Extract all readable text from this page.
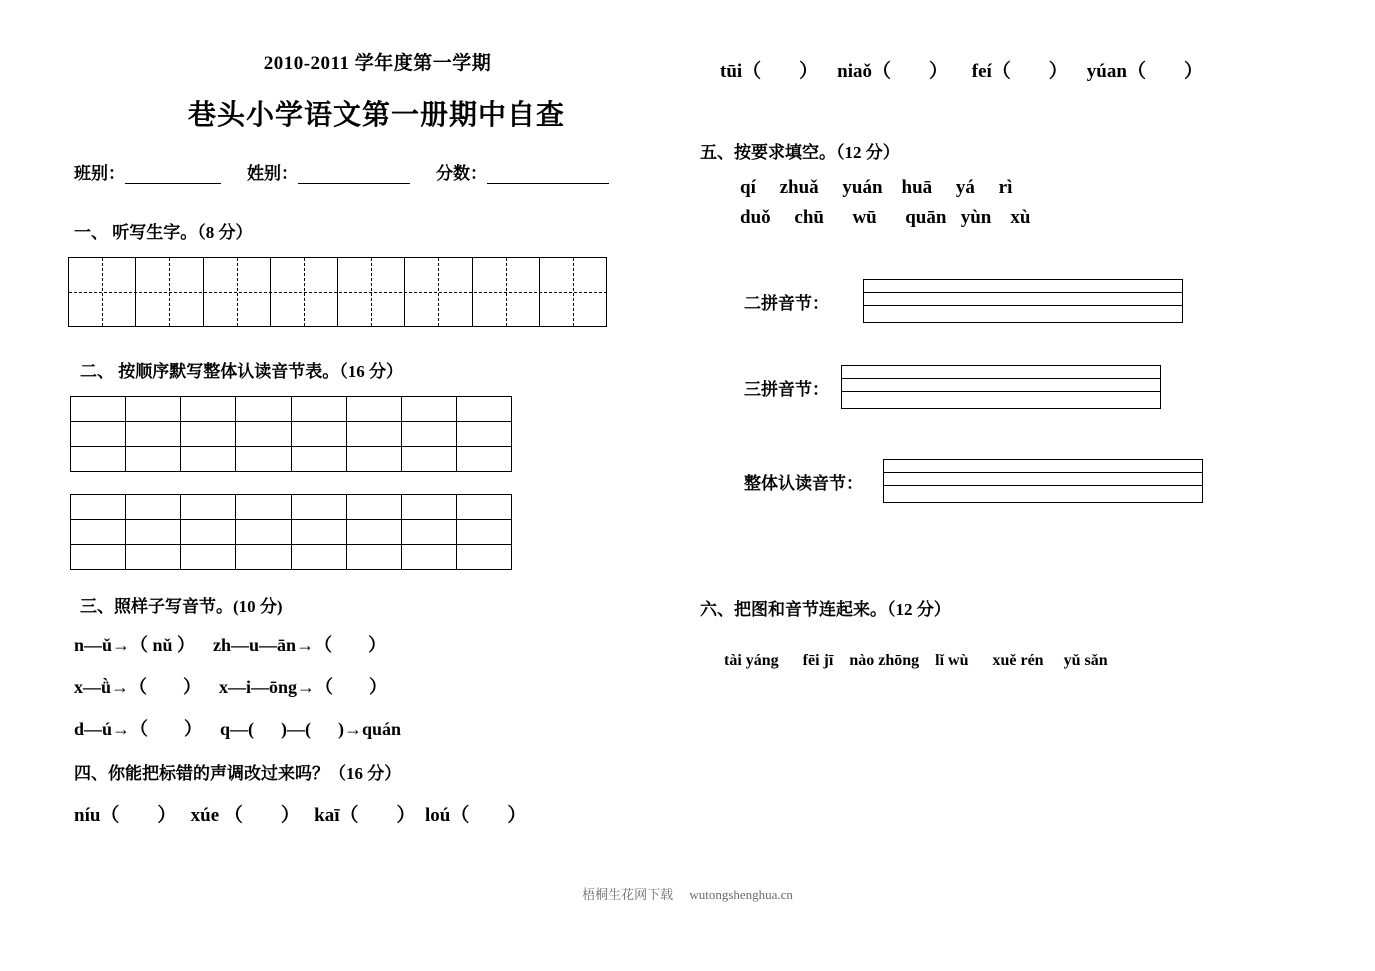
2010-2011 学年度第一学期
巷头小学语文第一册期中自查
班别：	姓别：	分数：
一、 听写生字。（8 分）
二、 按顺序默写整体认读音节表。（16 分）

三、照样子写音节。(10 分)
n—ǔ→（ nǔ ）    zh—u—ān→（        ）
x—ǜ→（        ）    x—i—ōng→（        ）
d—ú→（        ）    q—(      )—(      )→quán
四、你能把标错的声调改过来吗？（16 分）
níu（        ）   xúe （        ）   kaī（        ）  loú（        ）
tūi（        ）    niaǒ（        ）     feí（        ）    yúan（        ）
五、按要求填空。（12 分）
qí     zhuǎ     yuán    huā     yá     rì
duǒ     chū      wū      quān   yùn    xù
二拼音节：
三拼音节：
整体认读音节：
六、把图和音节连起来。（12 分）
tài yáng      fēi jī    nào zhōng    lǐ wù      xuě rén     yǔ sǎn
梧桐生花网下载     wutongshenghua.cn
